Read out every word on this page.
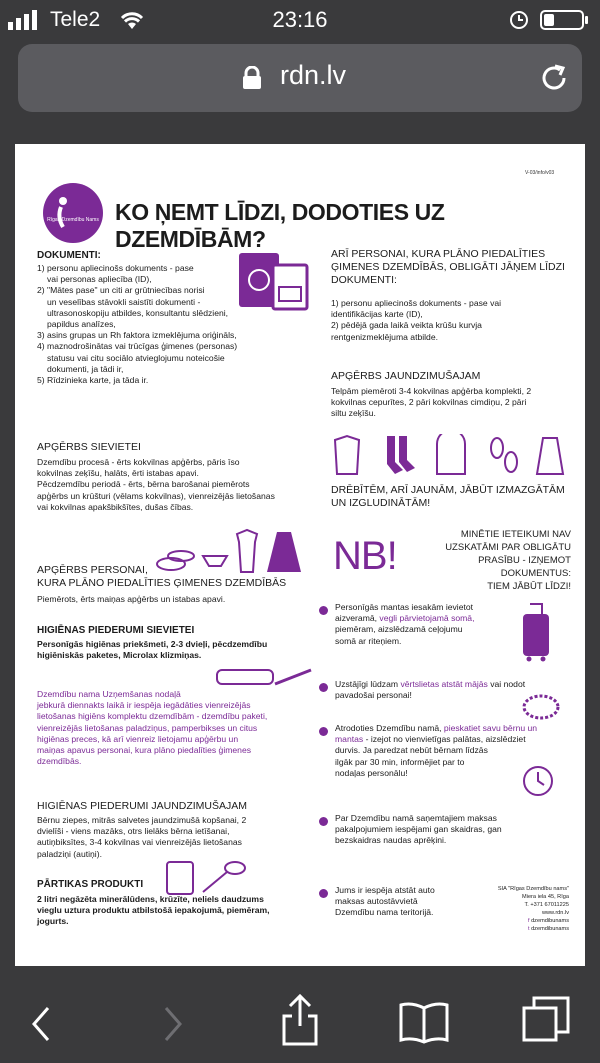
Tele2	23:16
rdn.lv
V-03/info/v03
Rīgas Dzemdību Nams KO ŅEMT LĪDZI, DODOTIES UZ DZEMDĪBĀM?
DOKUMENTI:
1) personu apliecinošs dokuments - pase
vai personas apliecība (ID),
2) "Mātes pase" un citi ar grūtniecības norisi
un veselības stāvokli saistīti dokumenti -
ultrasonoskopiju atbildes, konsultantu slēdzieni,
papildus analīzes,
3) asins grupas un Rh faktora izmeklējuma oriģināls,
4) maznodrošinātas vai trūcīgas ģimenes (personas)
statusu vai citu sociālo atvieglojumu noteicošie
dokumenti, ja tādi ir,
5) Rīdzinieka karte, ja tāda ir.
APĢĒRBS SIEVIETEI
Dzemdību procesā - ērts kokvilnas apģērbs, pāris īso
kokvilnas zeķīšu, halāts, ērti istabas apavi.
Pēcdzemdību periodā - ērts, bērna barošanai piemērots
apģērbs un krūšturi (vēlams kokvilnas), vienreizējās lietošanas
vai kokvilnas apakšbikšītes, dušas čības.
APĢĒRBS PERSONAI,
KURA PLĀNO PIEDALĪTIES ĢIMENES DZEMDĪBĀS
Piemērots, ērts maiņas apģērbs un istabas apavi.
HIGIĒNAS PIEDERUMI SIEVIETEI
Personīgās higiēnas priekšmeti, 2-3 dvieļi, pēcdzemdību
higiēniskās paketes, Microlax klizmiņas.
Dzemdību nama Uzņemšanas nodaļā
jebkurā diennakts laikā ir iespēja iegādāties vienreizējās
lietošanas higiēns komplektu dzemdībām - dzemdību paketi,
vienreizējās lietošanas paladziņus, pamperbikses un citus
higiēnas preces, kā arī vienreiz lietojamu apģērbu un
maiņas apavus personai, kura plāno piedalīties ģimenes
dzemdībās.
HIGIĒNAS PIEDERUMI JAUNDZIMUŠAJAM
Bērnu ziepes, mitrās salvetes jaundzimušā kopšanai, 2
dvielīši - viens mazāks, otrs lielāks bērna ietīšanai,
autiņbiksītes, 3-4 kokvilnas vai vienreizējās lietošanas
paladziņi (autiņi).
PĀRTIKAS PRODUKTI
2 litri negāzēta minerālūdens, krūzīte, neliels daudzums
vieglu uztura produktu atbilstošā iepakojumā, piemēram,
jogurts.
ARĪ PERSONAI, KURA PLĀNO PIEDALĪTIES
ĢIMENES DZEMDĪBĀS, OBLIGĀTI JĀŅEM LĪDZI
DOKUMENTI:
1) personu apliecinošs dokuments - pase vai
identifikācijas karte (ID),
2) pēdējā gada laikā veikta krūšu kurvja
rentgenizmeklējuma atbilde.
APĢĒRBS JAUNDZIMUŠAJAM
Telpām piemēroti 3-4 kokvilnas apģērba komplekti, 2
kokvilnas cepurītes, 2 pāri kokvilnas cimdiņu, 2 pāri
siltu zeķīšu.
DRĒBĪTĒM, ARĪ JAUNĀM, JĀBŪT IZMAZGĀTĀM
UN IZGLUDINĀTĀM!
NB!	MINĒTIE IETEIKUMI NAV
UZSKATĀMI PAR OBLIGĀTU
PRASĪBU - IZŅEMOT DOKUMENTUS:
TIEM JĀBŪT LĪDZI!
Personīgās mantas iesakām ievietot
aizveramā, vegli pārvietojamā somā,
piemēram, aizslēdzamā ceļojumu
somā ar riteņiem.
Uzstājīgi lūdzam vērtslietas atstāt mājās vai nodot
pavadošai personai!
Atrodoties Dzemdību namā, pieskatiet savu bērnu un
mantas - izejot no vienvietīgas palātas, aizslēdziet
durvis. Ja paredzat nebūt bērnam līdzās
ilgāk par 30 min, informējiet par to
nodaļas personālu!
Par Dzemdību namā saņemtajiem maksas
pakalpojumiem iespējami gan skaidras, gan
bezskaidras naudas aprēķini.
Jums ir iespēja atstāt auto
maksas autostāvvietā
Dzemdību nama teritorijā.
SIA "Rīgas Dzemdību nams"
Miera iela 45, Rīga
T. +371 67011225
www.rdn.lv
f dzemdibunams
t dzemdibunams
